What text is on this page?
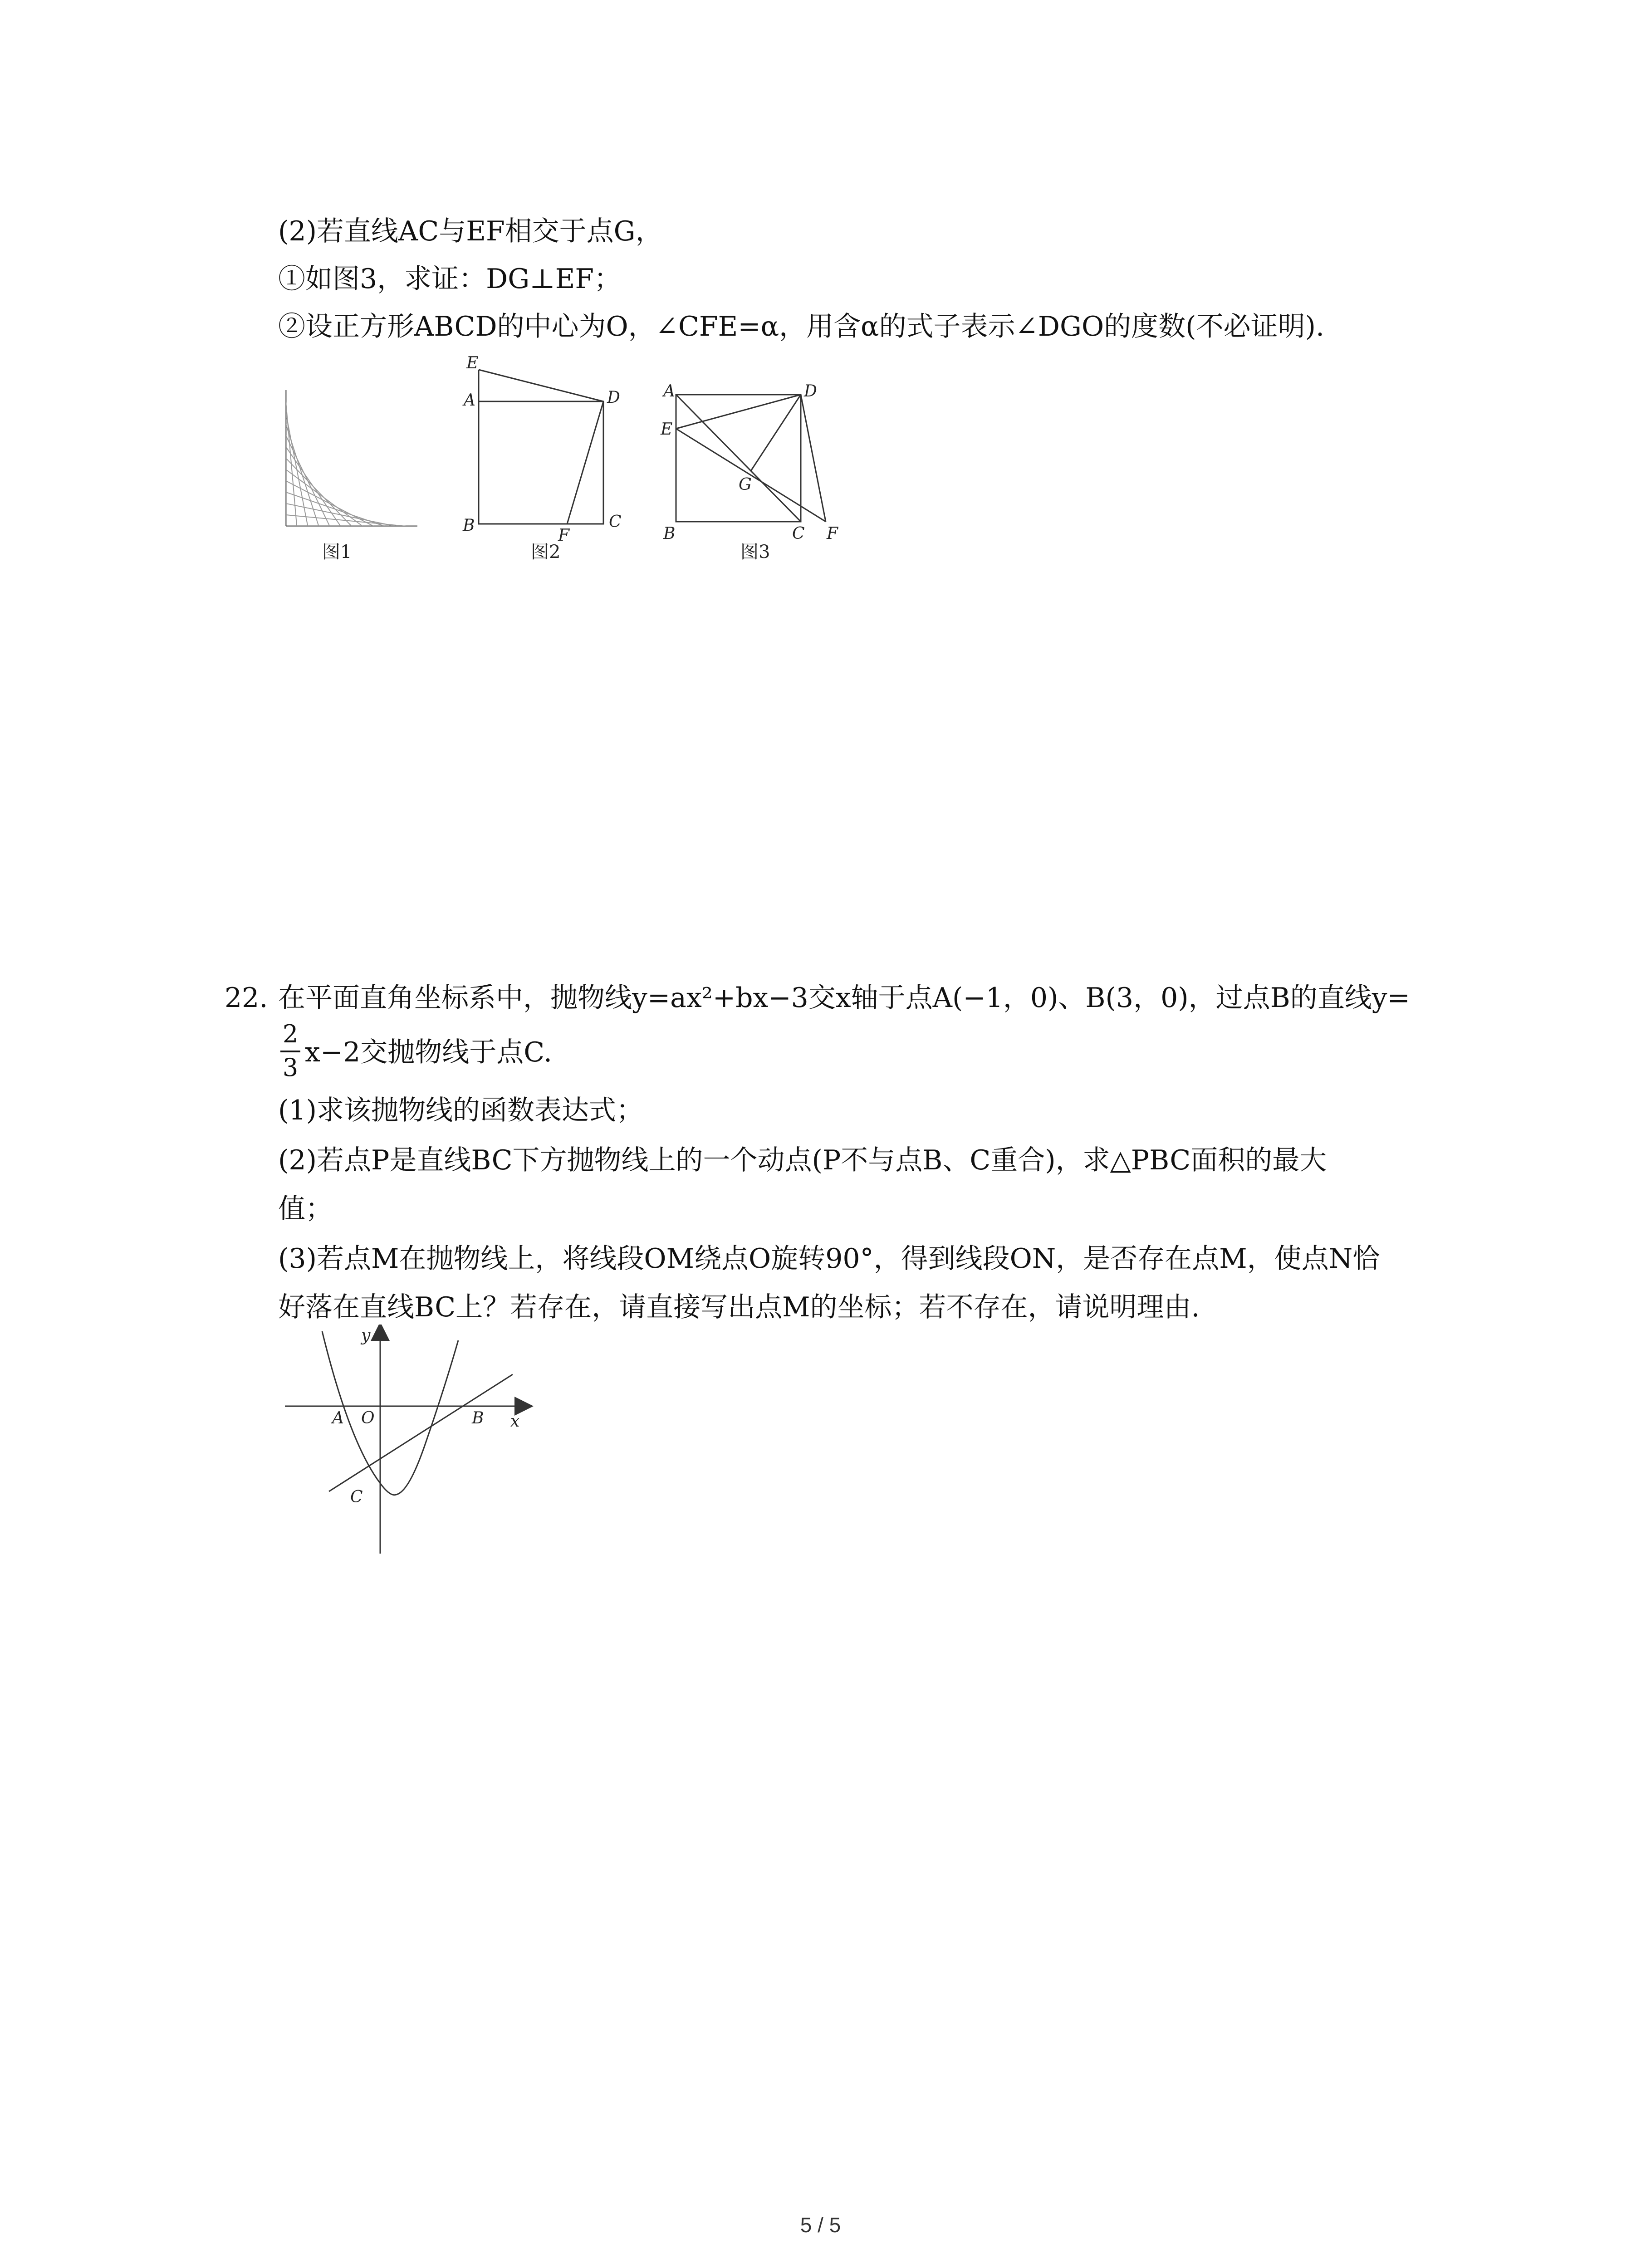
(2)若直线AC与EF相交于点G，
①如图3，求证：DG⊥EF；
②设正方形ABCD的中心为O，∠CFE=α，用含α的式子表示∠DGO的度数(不必证明).
图1
E
A	D
B
F
C
图2
A	D
E
G
B	C F
图3
22. 在平面直角坐标系中，抛物线y=ax²+bx−3交x轴于点A(−1，0)、B(3，0)，过点B的直线y=
2
3 x−2交抛物线于点C.
(1)求该抛物线的函数表达式；
(2)若点P是直线BC下方抛物线上的一个动点(P不与点B、C重合)，求△PBC面积的最大
值；
(3)若点M在抛物线上，将线段OM绕点O旋转90°，得到线段ON，是否存在点M，使点N恰
好落在直线BC上？若存在，请直接写出点M的坐标；若不存在，请说明理由.
y
x
A O	B
C
5 / 5
